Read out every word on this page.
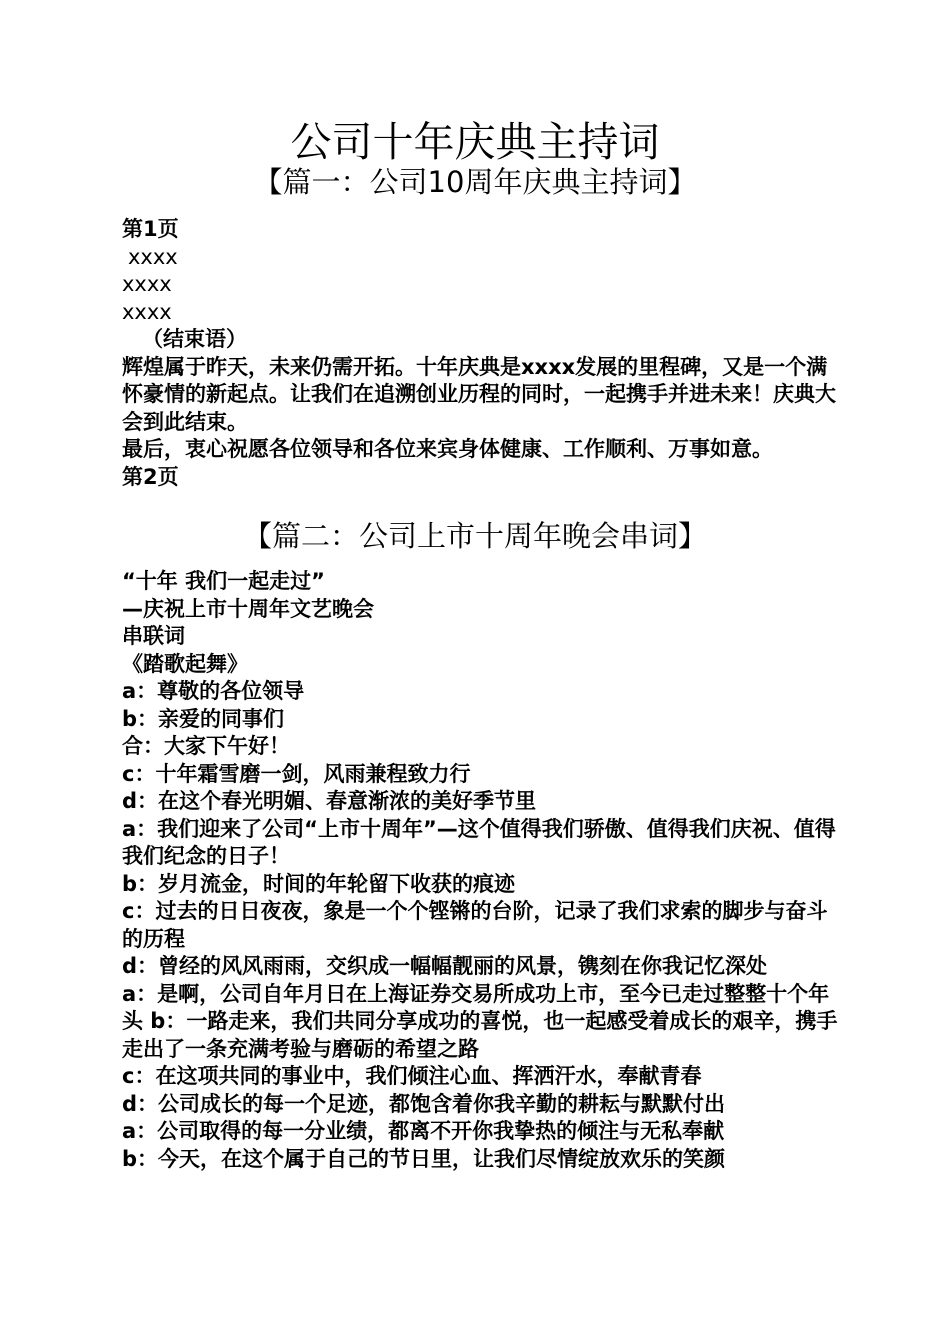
公司十年庆典主持词
【篇一：公司10周年庆典主持词】

第1页

xxxx

xxxx

xxxx

（结束语）

辉煌属于昨天，未来仍需开拓。十年庆典是xxxx发展的里程碑，又是一个满怀豪情的新起点。让我们在追溯创业历程的同时，一起携手并进未来！庆典大会到此结束。

最后，衷心祝愿各位领导和各位来宾身体健康、工作顺利、万事如意。

第2页

【篇二：公司上市十周年晚会串词】

“十年 我们一起走过”

—庆祝上市十周年文艺晚会

串联词

《踏歌起舞》

a：尊敬的各位领导

b：亲爱的同事们

合：大家下午好！

c：十年霜雪磨一剑，风雨兼程致力行

d：在这个春光明媚、春意渐浓的美好季节里

a：我们迎来了公司“上市十周年”—这个值得我们骄傲、值得我们庆祝、值得我们纪念的日子！

b：岁月流金，时间的年轮留下收获的痕迹

c：过去的日日夜夜，象是一个个铿锵的台阶，记录了我们求索的脚步与奋斗的历程

d：曾经的风风雨雨，交织成一幅幅靓丽的风景，镌刻在你我记忆深处

a：是啊，公司自年月日在上海证券交易所成功上市，至今已走过整整十个年头 b：一路走来，我们共同分享成功的喜悦，也一起感受着成长的艰辛，携手走出了一条充满考验与磨砺的希望之路

c：在这项共同的事业中，我们倾注心血、挥洒汗水，奉献青春

d：公司成长的每一个足迹，都饱含着你我辛勤的耕耘与默默付出

a：公司取得的每一分业绩，都离不开你我挚热的倾注与无私奉献

b：今天，在这个属于自己的节日里，让我们尽情绽放欢乐的笑颜
